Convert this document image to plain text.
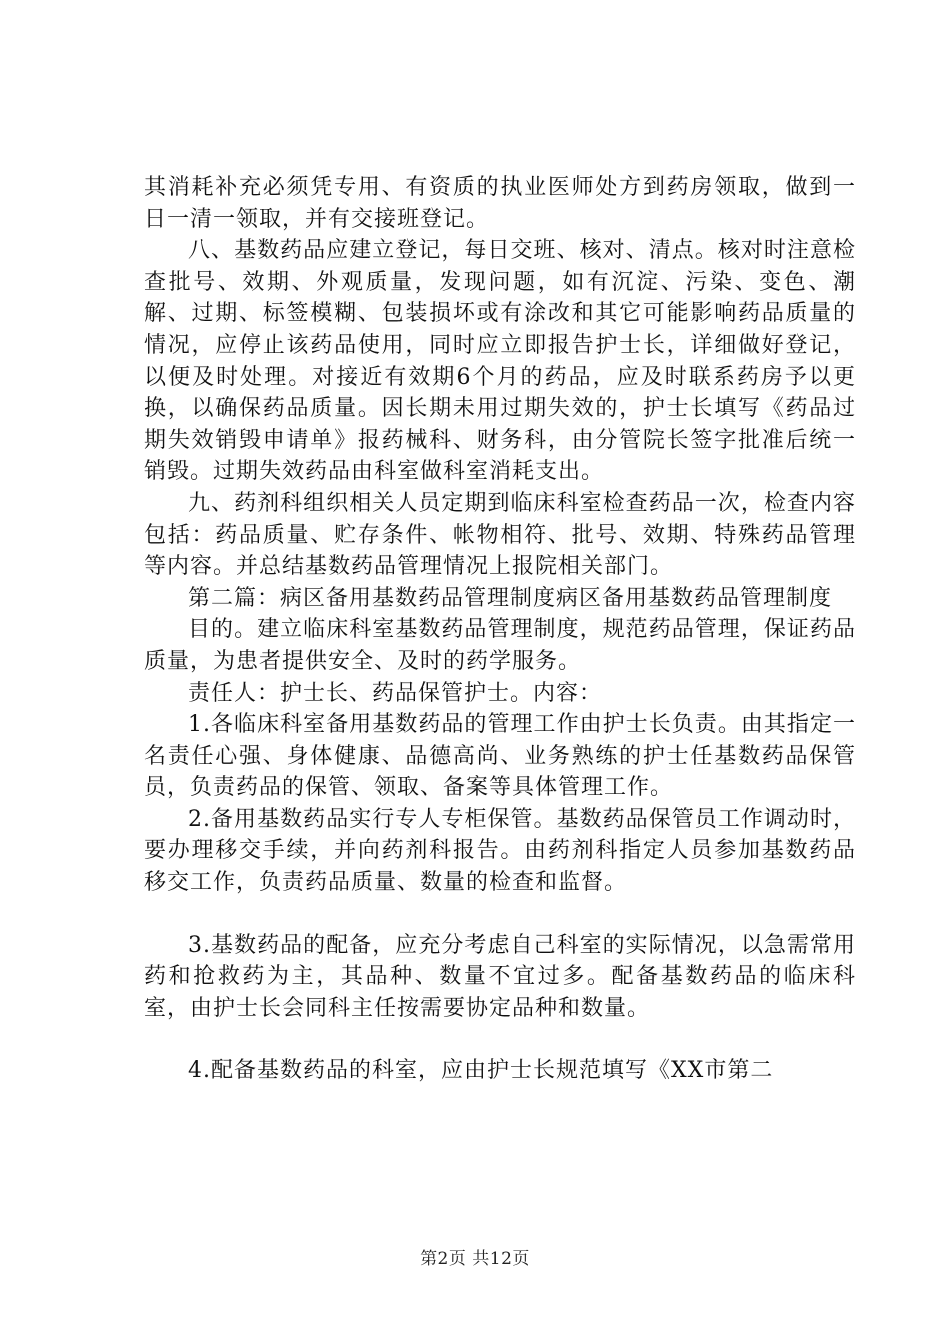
其消耗补充必须凭专用、有资质的执业医师处方到药房领取，做到一日一清一领取，并有交接班登记。

八、基数药品应建立登记，每日交班、核对、清点。核对时注意检查批号、效期、外观质量，发现问题，如有沉淀、污染、变色、潮解、过期、标签模糊、包装损坏或有涂改和其它可能影响药品质量的情况，应停止该药品使用，同时应立即报告护士长，详细做好登记，以便及时处理。对接近有效期6个月的药品，应及时联系药房予以更换，以确保药品质量。因长期未用过期失效的，护士长填写《药品过期失效销毁申请单》报药械科、财务科，由分管院长签字批准后统一销毁。过期失效药品由科室做科室消耗支出。

九、药剂科组织相关人员定期到临床科室检查药品一次，检查内容包括：药品质量、贮存条件、帐物相符、批号、效期、特殊药品管理等内容。并总结基数药品管理情况上报院相关部门。

第二篇：病区备用基数药品管理制度病区备用基数药品管理制度

目的。建立临床科室基数药品管理制度，规范药品管理，保证药品质量，为患者提供安全、及时的药学服务。

责任人：护士长、药品保管护士。内容：

1.各临床科室备用基数药品的管理工作由护士长负责。由其指定一名责任心强、身体健康、品德高尚、业务熟练的护士任基数药品保管员，负责药品的保管、领取、备案等具体管理工作。

2.备用基数药品实行专人专柜保管。基数药品保管员工作调动时，要办理移交手续，并向药剂科报告。由药剂科指定人员参加基数药品移交工作，负责药品质量、数量的检查和监督。

3.基数药品的配备，应充分考虑自己科室的实际情况，以急需常用药和抢救药为主，其品种、数量不宜过多。配备基数药品的临床科室，由护士长会同科主任按需要协定品种和数量。

4.配备基数药品的科室，应由护士长规范填写《XX市第二

第2页 共12页
